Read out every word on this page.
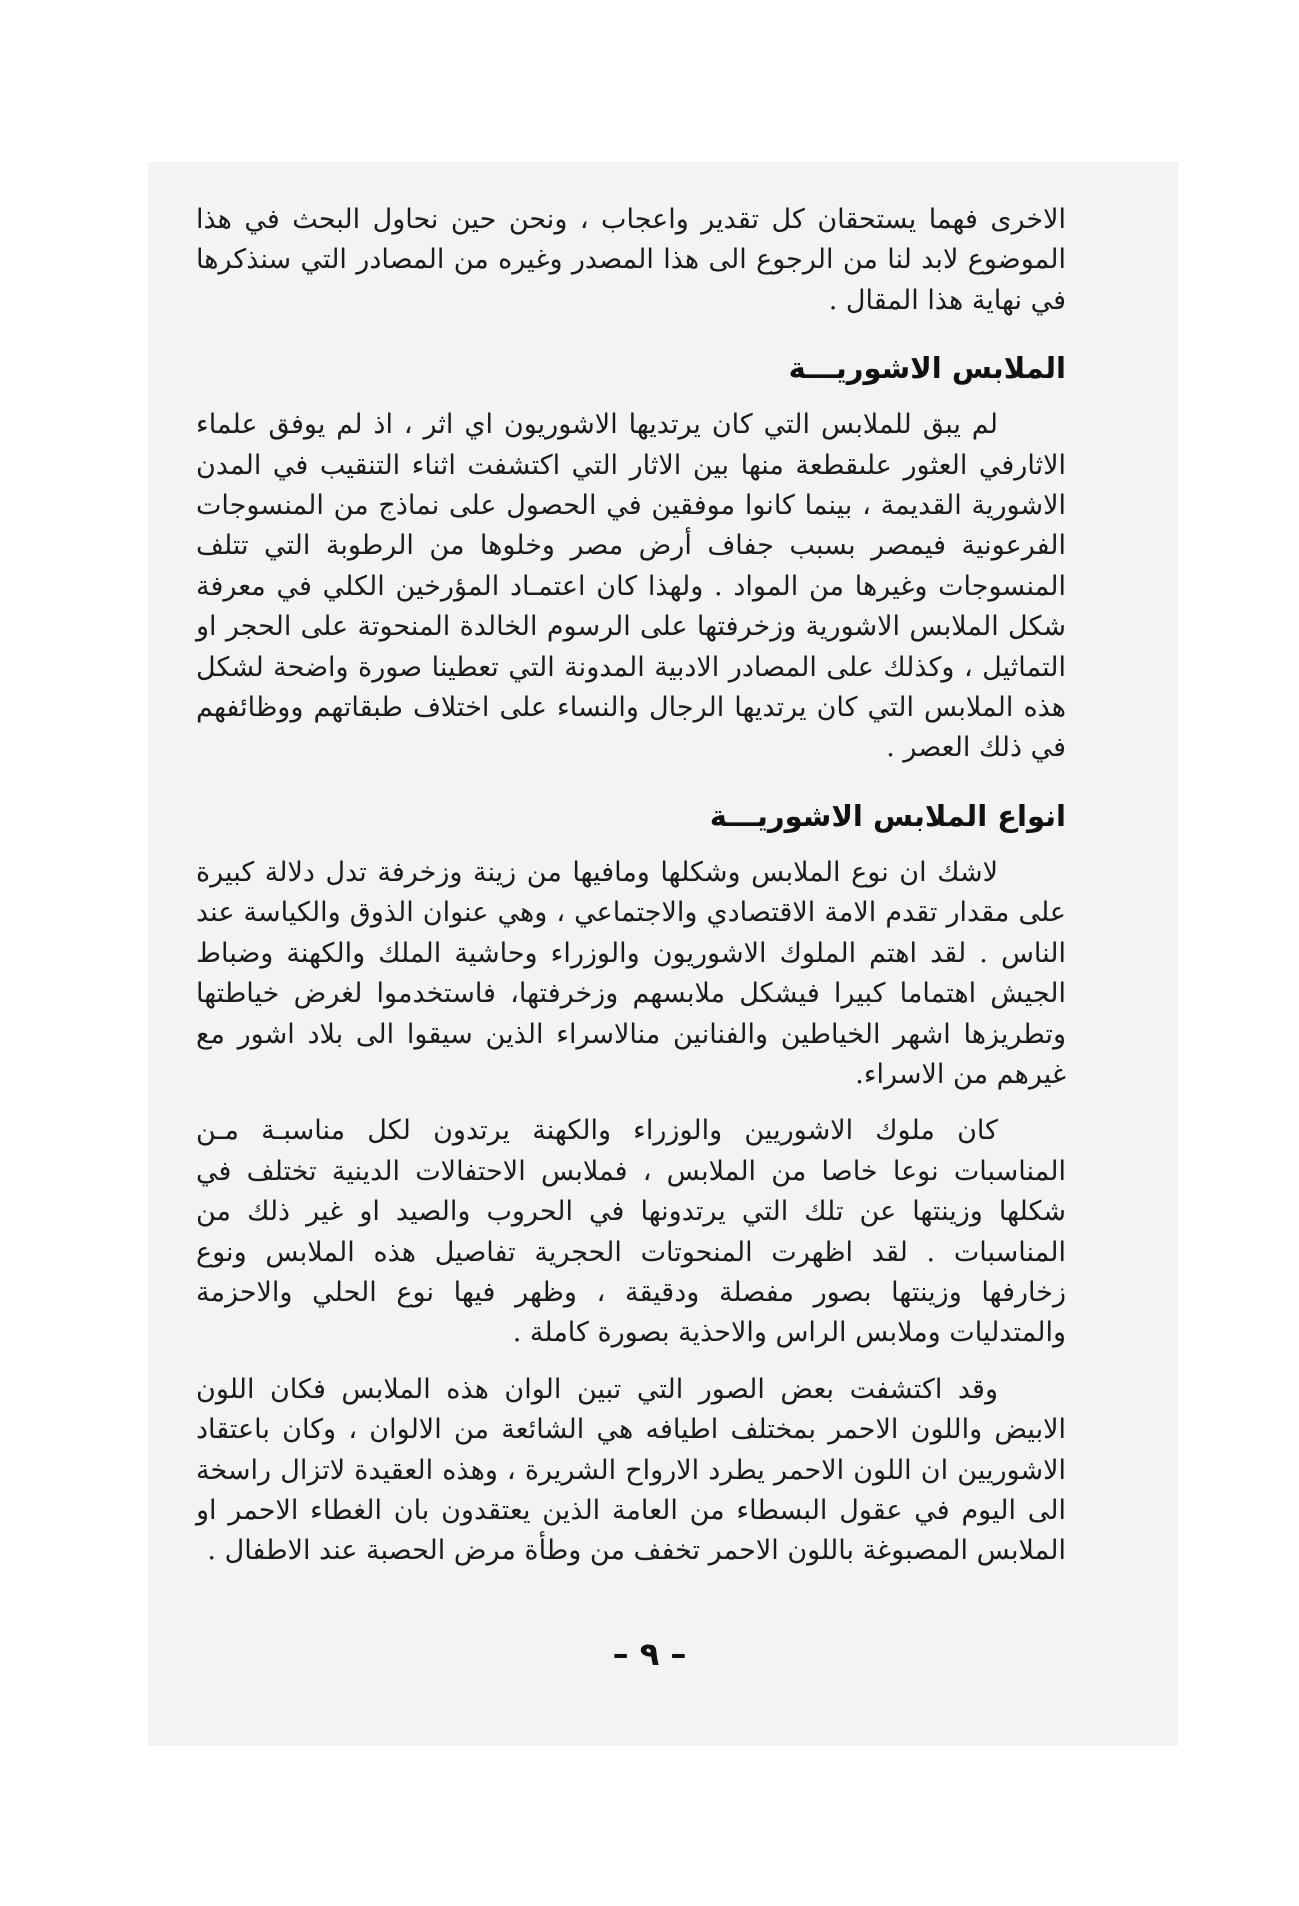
الاخرى فهما يستحقان كل تقدير واعجاب ، ونحن حين نحاول البحث في هذا الموضوع لابد لنا من الرجوع الى هذا المصدر وغيره من المصادر التي سنذكرها في نهاية هذا المقال .

الملابس الاشوريـــة

لم يبق للملابس التي كان يرتديها الاشوريون اي اثر ، اذ لم يوفق علماء الاثارفي العثور علىقطعة منها بين الاثار التي اكتشفت اثناء التنقيب في المدن الاشورية القديمة ، بينما كانوا موفقين في الحصول على نماذج من المنسوجات الفرعونية فيمصر بسبب جفاف أرض مصر وخلوها من الرطوبة التي تتلف المنسوجات وغيرها من المواد . ولهذا كان اعتمـاد المؤرخين الكلي في معرفة شكل الملابس الاشورية وزخرفتها على الرسوم الخالدة المنحوتة على الحجر او التماثيل ، وكذلك على المصادر الادبية المدونة التي تعطينا صورة واضحة لشكل هذه الملابس التي كان يرتديها الرجال والنساء على اختلاف طبقاتهم ووظائفهم في ذلك العصر .

انواع الملابس الاشوريـــة

لاشك ان نوع الملابس وشكلها ومافيها من زينة وزخرفة تدل دلالة كبيرة على مقدار تقدم الامة الاقتصادي والاجتماعي ، وهي عنوان الذوق والكياسة عند الناس . لقد اهتم الملوك الاشوريون والوزراء وحاشية الملك والكهنة وضباط الجيش اهتماما كبيرا فيشكل ملابسهم وزخرفتها، فاستخدموا لغرض خياطتها وتطريزها اشهر الخياطين والفنانين منالاسراء الذين سيقوا الى بلاد اشور مع غيرهم من الاسراء.

كان ملوك الاشوريين والوزراء والكهنة يرتدون لكل مناسبـة مـن المناسبات نوعا خاصا من الملابس ، فملابس الاحتفالات الدينية تختلف في شكلها وزينتها عن تلك التي يرتدونها في الحروب والصيد او غير ذلك من المناسبات . لقد اظهرت المنحوتات الحجرية تفاصيل هذه الملابس ونوع زخارفها وزينتها بصور مفصلة ودقيقة ، وظهر فيها نوع الحلي والاحزمة والمتدليات وملابس الراس والاحذية بصورة كاملة .

وقد اكتشفت بعض الصور التي تبين الوان هذه الملابس فكان اللون الابيض واللون الاحمر بمختلف اطيافه هي الشائعة من الالوان ، وكان باعتقاد الاشوريين ان اللون الاحمر يطرد الارواح الشريرة ، وهذه العقيدة لاتزال راسخة الى اليوم في عقول البسطاء من العامة الذين يعتقدون بان الغطاء الاحمر او الملابس المصبوغة باللون الاحمر تخفف من وطأة مرض الحصبة عند الاطفال .

– ٩ –
